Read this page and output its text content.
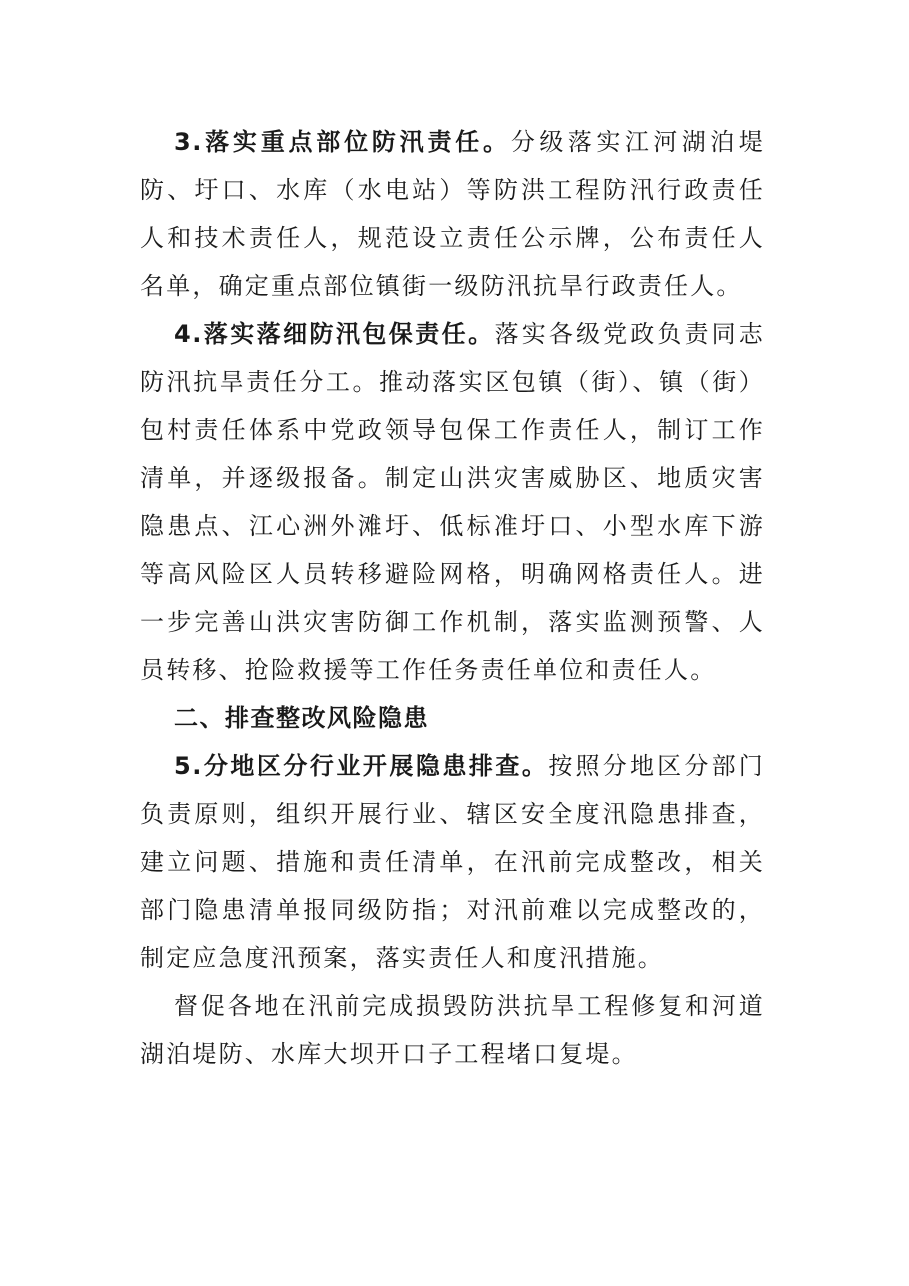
3.落实重点部位防汛责任。分级落实江河湖泊堤防、圩口、水库（水电站）等防洪工程防汛行政责任人和技术责任人，规范设立责任公示牌，公布责任人名单，确定重点部位镇街一级防汛抗旱行政责任人。

4.落实落细防汛包保责任。落实各级党政负责同志防汛抗旱责任分工。推动落实区包镇（街）、镇（街）包村责任体系中党政领导包保工作责任人，制订工作清单，并逐级报备。制定山洪灾害威胁区、地质灾害隐患点、江心洲外滩圩、低标准圩口、小型水库下游等高风险区人员转移避险网格，明确网格责任人。进一步完善山洪灾害防御工作机制，落实监测预警、人员转移、抢险救援等工作任务责任单位和责任人。

二、排查整改风险隐患

5.分地区分行业开展隐患排查。按照分地区分部门负责原则，组织开展行业、辖区安全度汛隐患排查，建立问题、措施和责任清单，在汛前完成整改，相关部门隐患清单报同级防指；对汛前难以完成整改的，制定应急度汛预案，落实责任人和度汛措施。

督促各地在汛前完成损毁防洪抗旱工程修复和河道湖泊堤防、水库大坝开口子工程堵口复堤。
